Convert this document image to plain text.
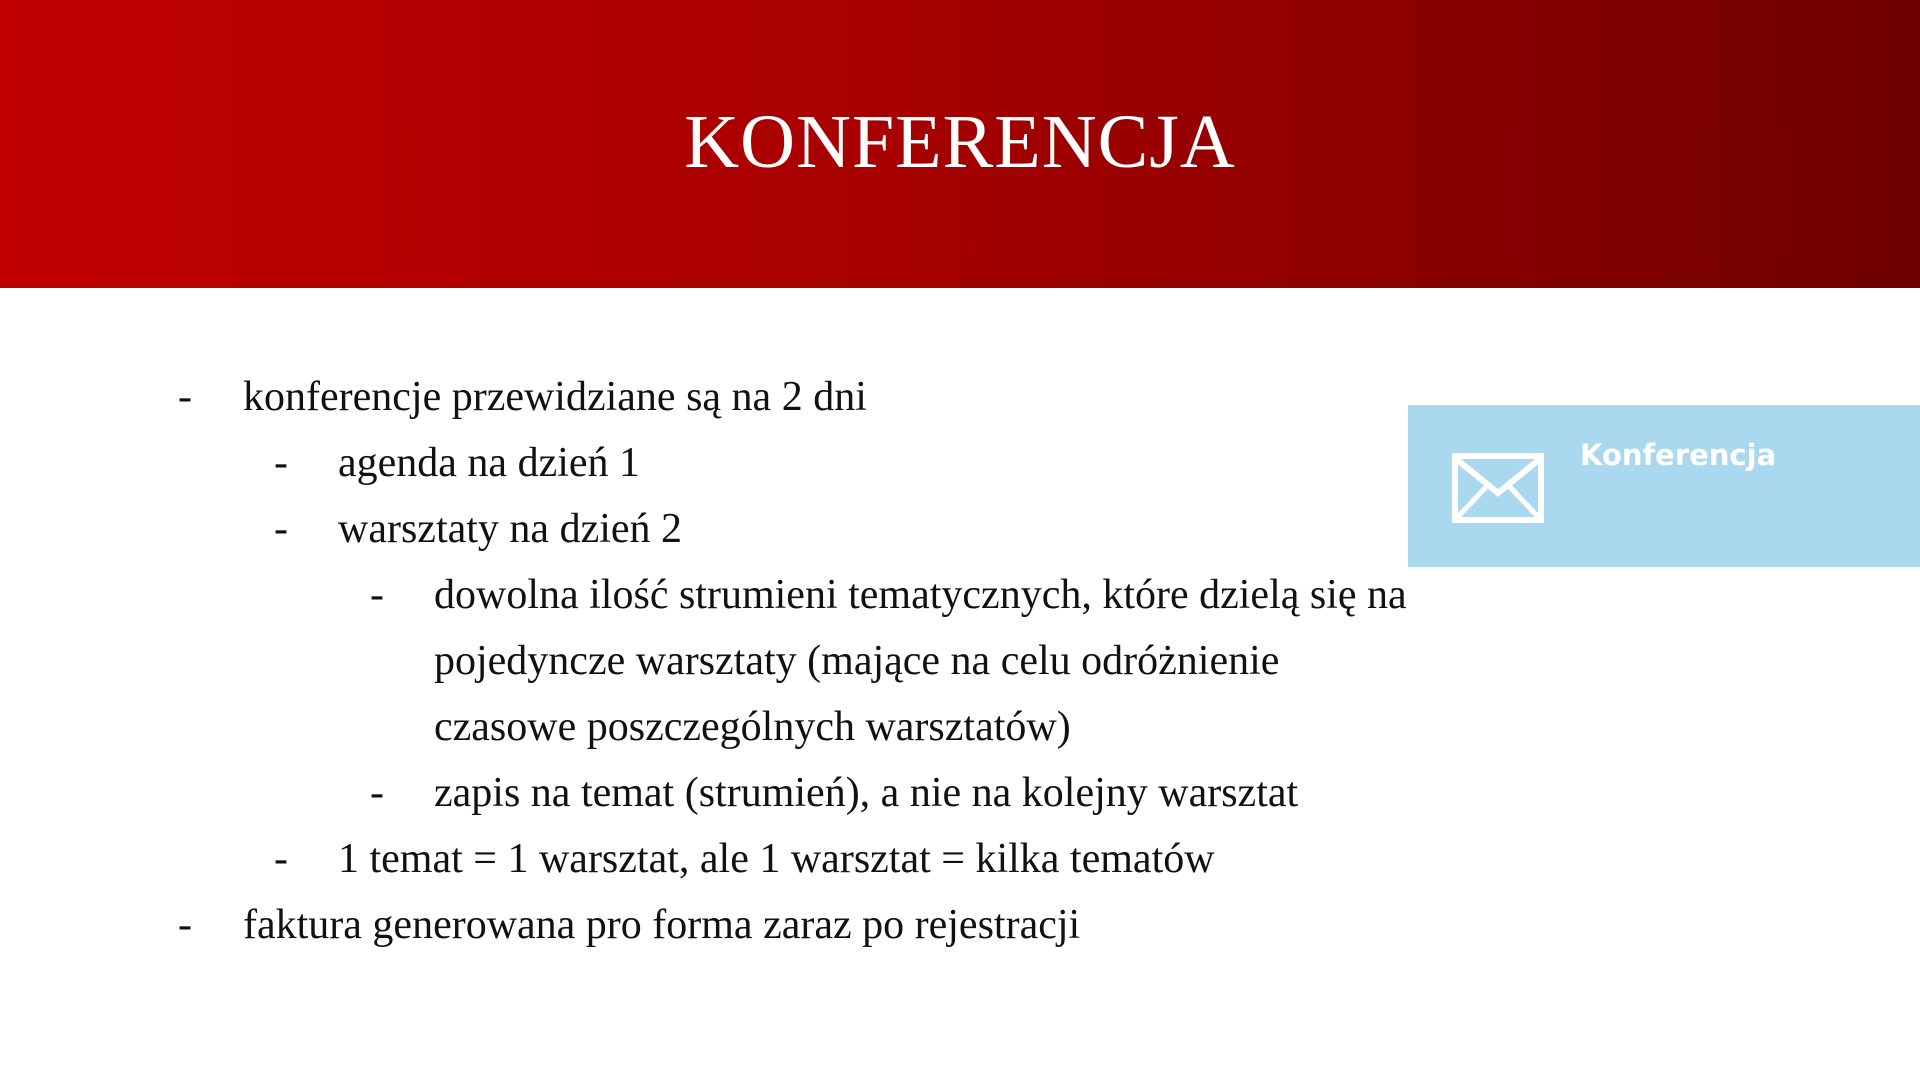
KONFERENCJA
- konferencje przewidziane są na 2 dni
- agenda na dzień 1
- warsztaty na dzień 2
- dowolna ilość strumieni tematycznych, które dzielą się na pojedyncze warsztaty (mające na celu odróżnienie czasowe poszczególnych warsztatów)
- zapis na temat (strumień), a nie na kolejny warsztat
- 1 temat = 1 warsztat, ale 1 warsztat = kilka tematów
- faktura generowana pro forma zaraz po rejestracji
Konferencja
